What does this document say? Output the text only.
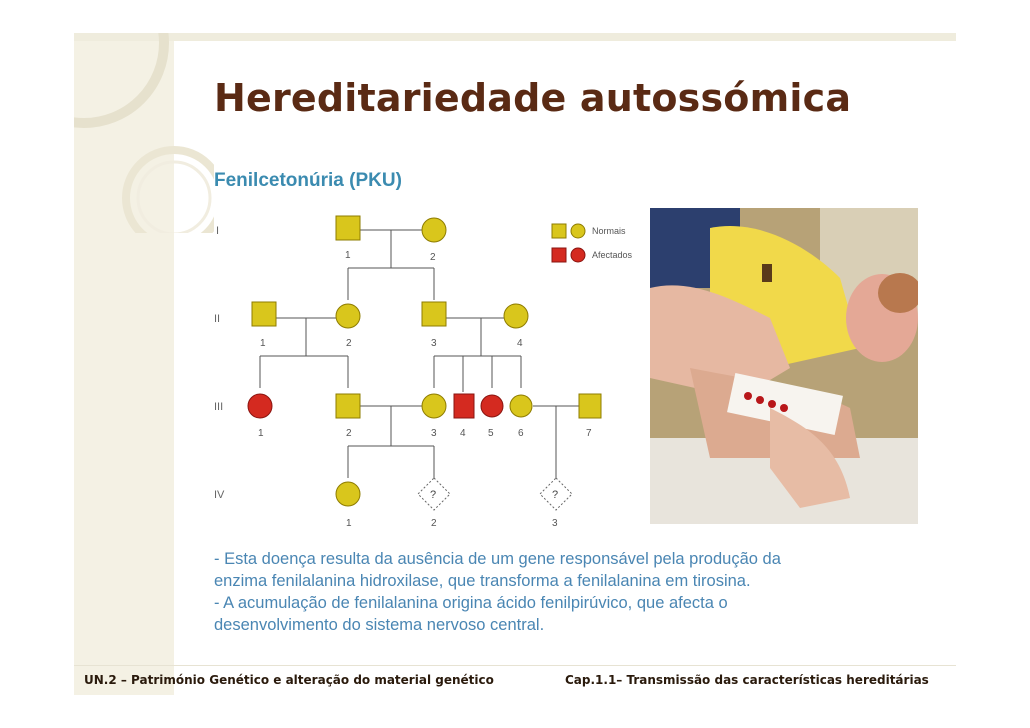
Hereditariedade autossómica
Fenilcetonúria (PKU)
I
II
III
IV
1	2
1	2	3	4
1	2	3 4 5 6	7
?	?
1	2	3
Normais
Afectados
- Esta doença resulta da ausência de um gene responsável pela produção da
enzima fenilalanina hidroxilase, que transforma a fenilalanina em tirosina.
- A acumulação de fenilalanina origina ácido fenilpirúvico, que afecta o
desenvolvimento do sistema nervoso central.
UN.2 – Património Genético e alteração do material genético	Cap.1.1– Transmissão das características hereditárias
